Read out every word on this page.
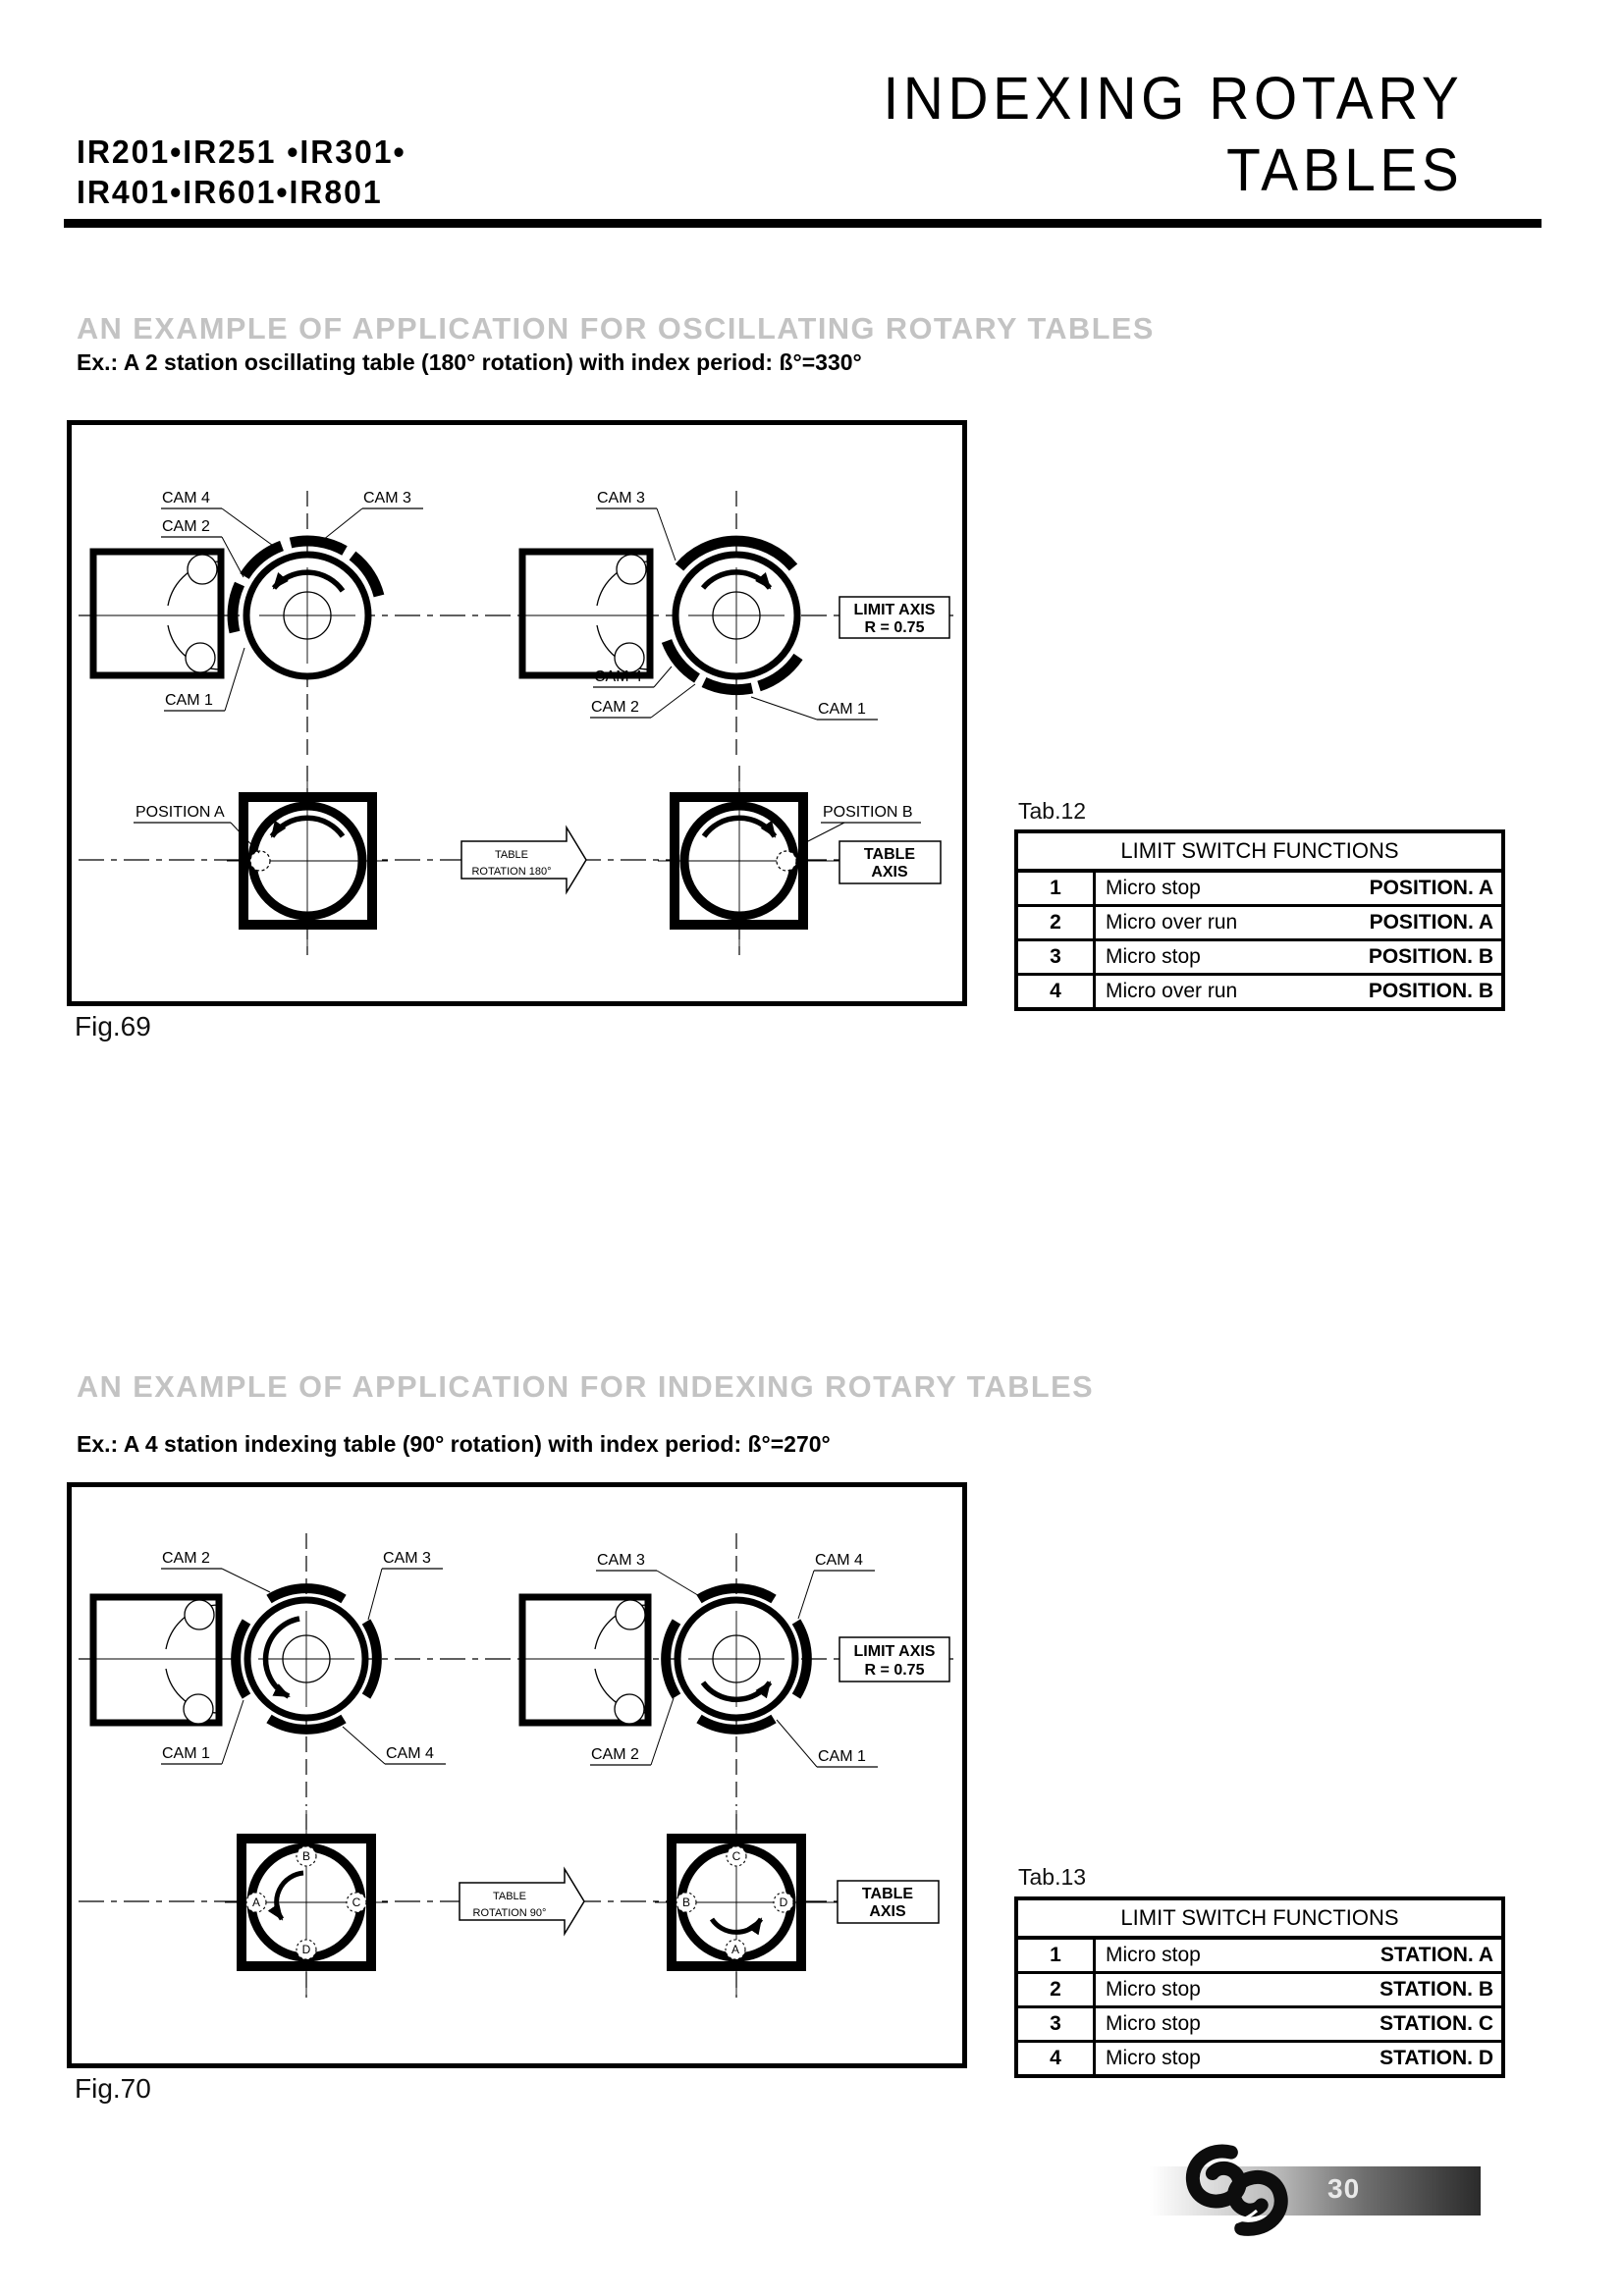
IR201•IR251 •IR301•
IR401•IR601•IR801
INDEXING ROTARY
TABLES
AN EXAMPLE OF APPLICATION FOR OSCILLATING ROTARY TABLES
Ex.: A 2 station oscillating table (180° rotation) with index period: ß°=330°
CAM 4
CAM 2
CAM 3
CAM 1
CAM 3
CAM 4
CAM 2	CAM 1
LIMIT AXIS
R = 0.75
POSITION A	POSITION B
TABLE
ROTATION 180°
TABLE
AXIS
Fig.69
Tab.12
LIMIT SWITCH FUNCTIONS
1	Micro stop	POSITION. A
2	Micro over run	POSITION. A
3	Micro stop	POSITION. B
4	Micro over run	POSITION. B
AN EXAMPLE OF APPLICATION FOR INDEXING ROTARY TABLES
Ex.: A 4 station indexing table (90° rotation) with index period: ß°=270°
CAM 2	CAM 3
CAM 1	CAM 4
CAM 3	CAM 4
CAM 2	CAM 1
LIMIT AXIS
R = 0.75
B
A	C
D
C
B	D
A
TABLE
ROTATION 90°
TABLE
AXIS
Fig.70
Tab.13
LIMIT SWITCH FUNCTIONS
1	Micro stop	STATION. A
2	Micro stop	STATION. B
3	Micro stop	STATION. C
4	Micro stop	STATION. D
30
